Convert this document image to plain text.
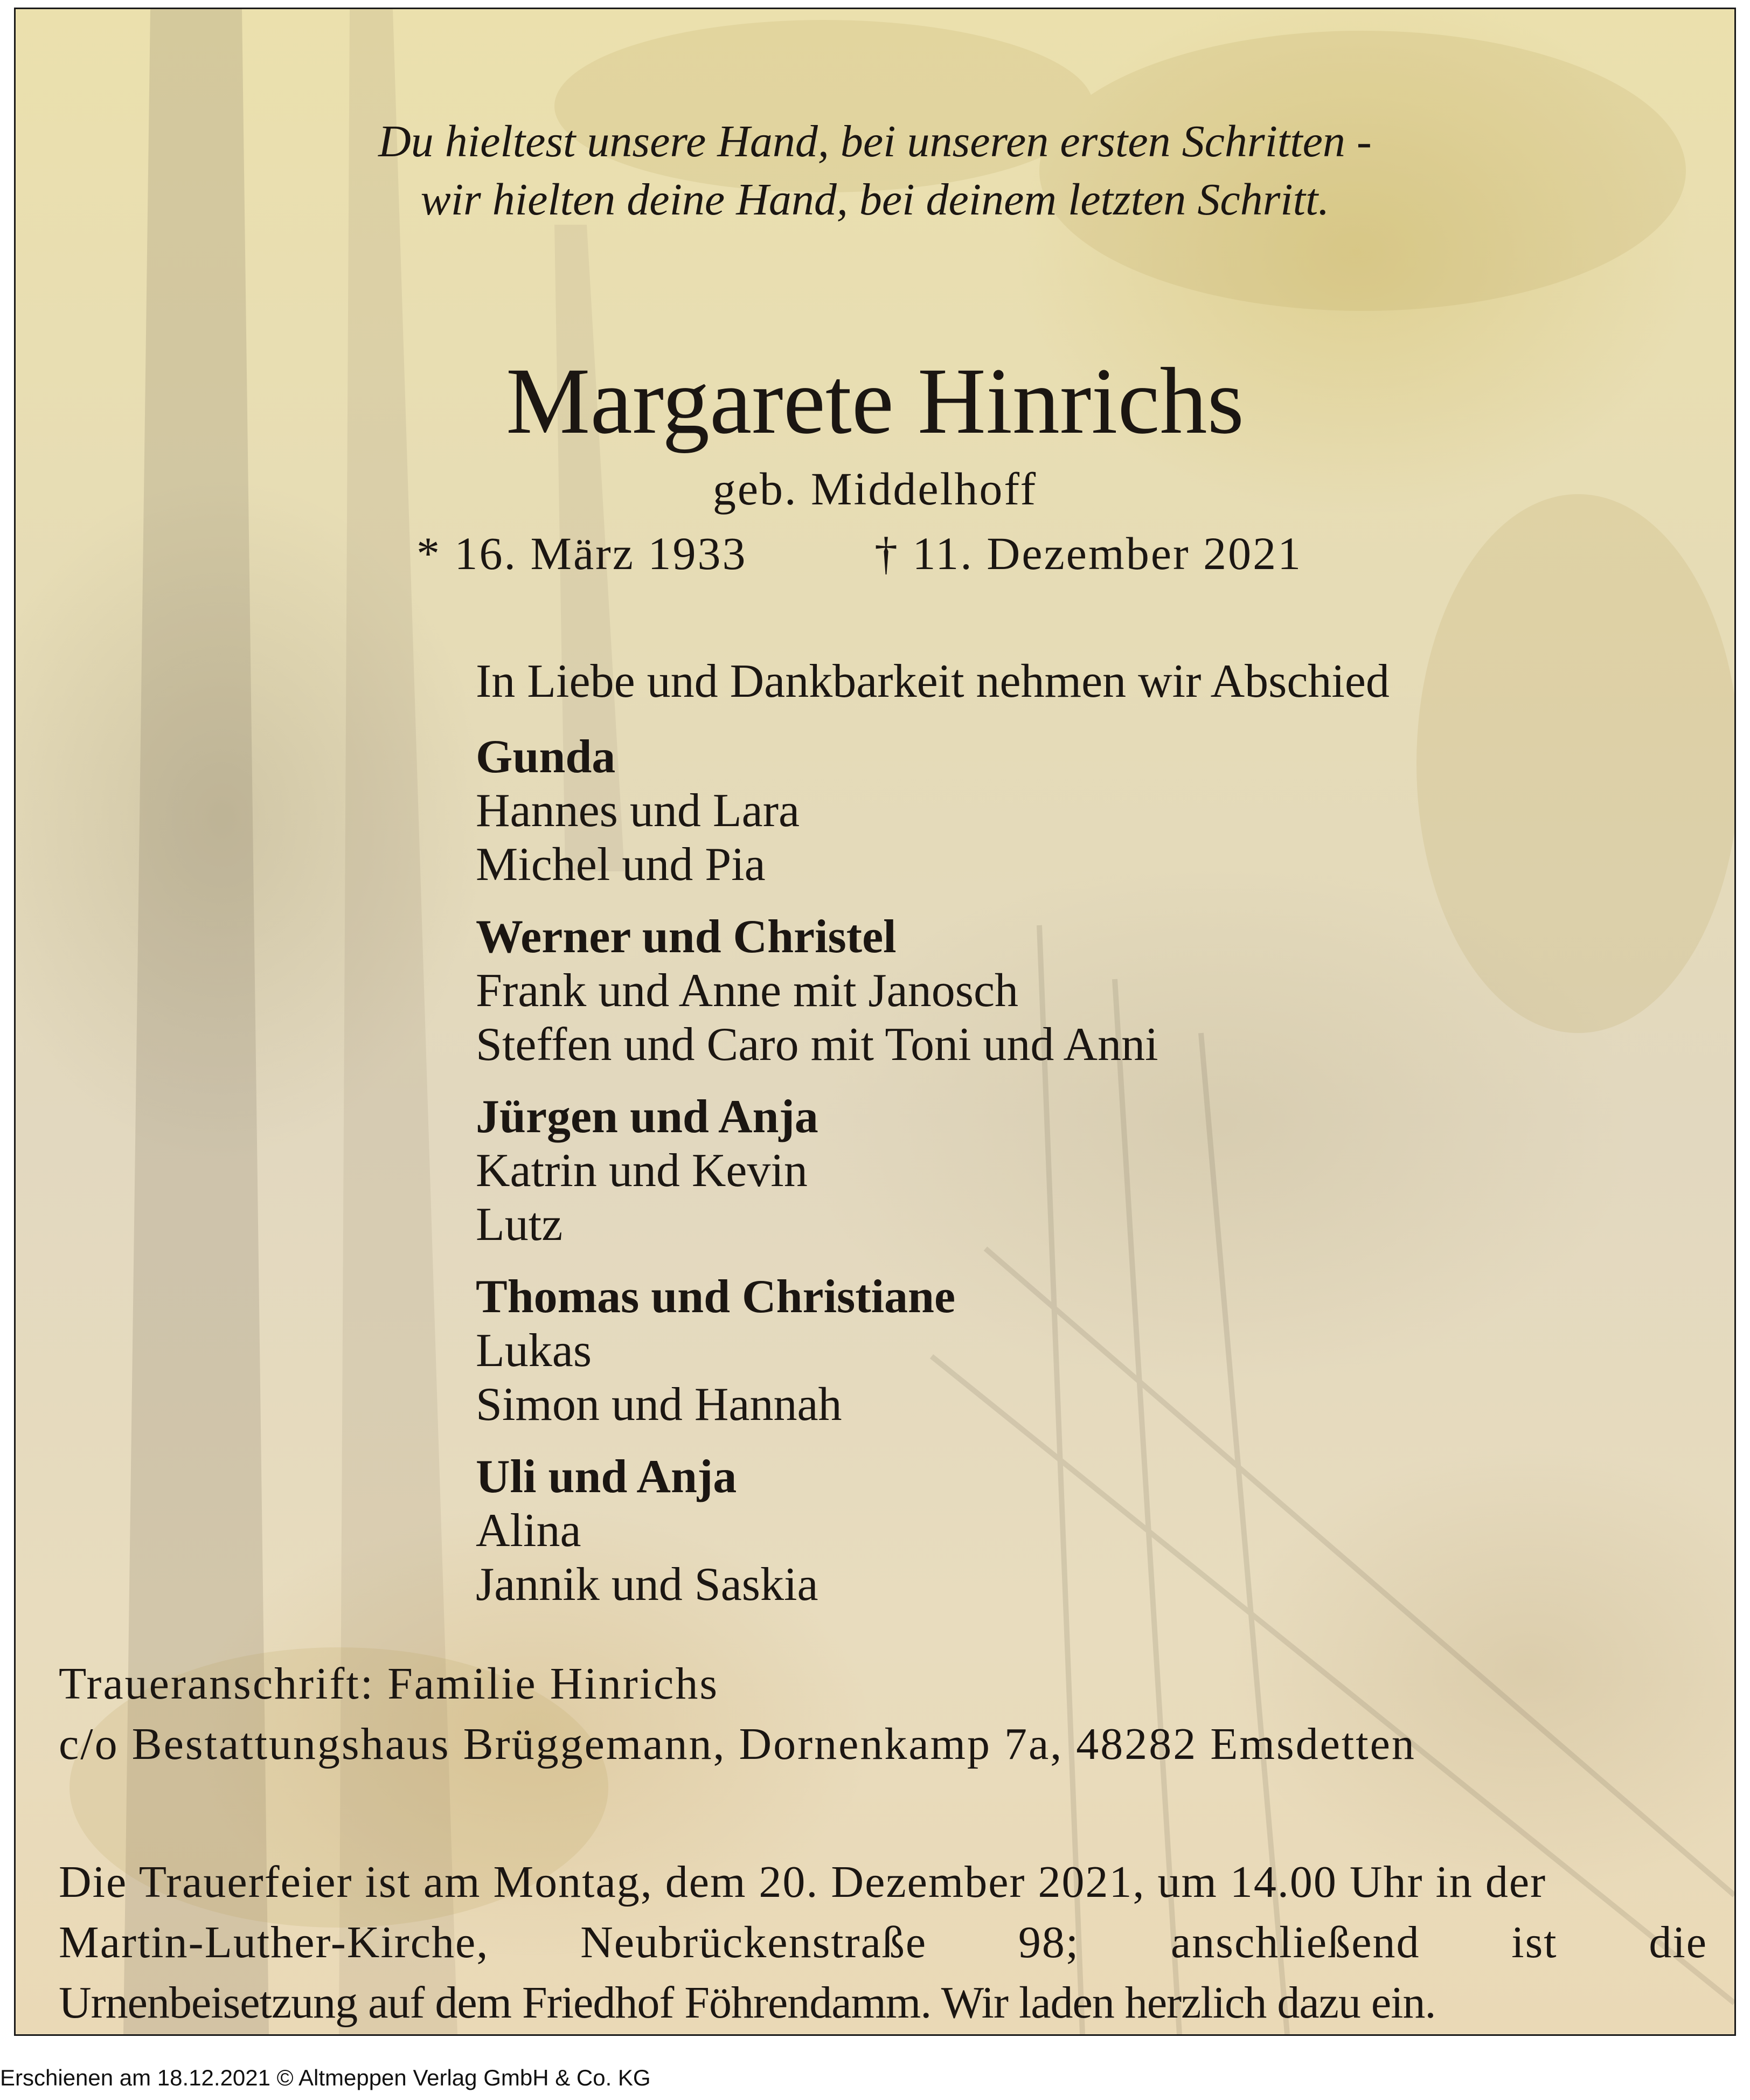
Du hieltest unsere Hand, bei unseren ersten Schritten -
wir hielten deine Hand, bei deinem letzten Schritt.
Margarete Hinrichs
geb. Middelhoff
* 16. März 1933	† 11. Dezember 2021
In Liebe und Dankbarkeit nehmen wir Abschied
Gunda
Hannes und Lara
Michel und Pia
Werner und Christel
Frank und Anne mit Janosch
Steffen und Caro mit Toni und Anni
Jürgen und Anja
Katrin und Kevin
Lutz
Thomas und Christiane
Lukas
Simon und Hannah
Uli und Anja
Alina
Jannik und Saskia
Traueranschrift: Familie Hinrichs
c/o Bestattungshaus Brüggemann, Dornenkamp 7a, 48282 Emsdetten
Die Trauerfeier ist am Montag, dem 20. Dezember 2021, um 14.00 Uhr in der
Martin-Luther-Kirche, Neubrückenstraße 98; anschließend ist die
Urnenbeisetzung auf dem Friedhof Föhrendamm. Wir laden herzlich dazu ein.
Erschienen am 18.12.2021 © Altmeppen Verlag GmbH & Co. KG
